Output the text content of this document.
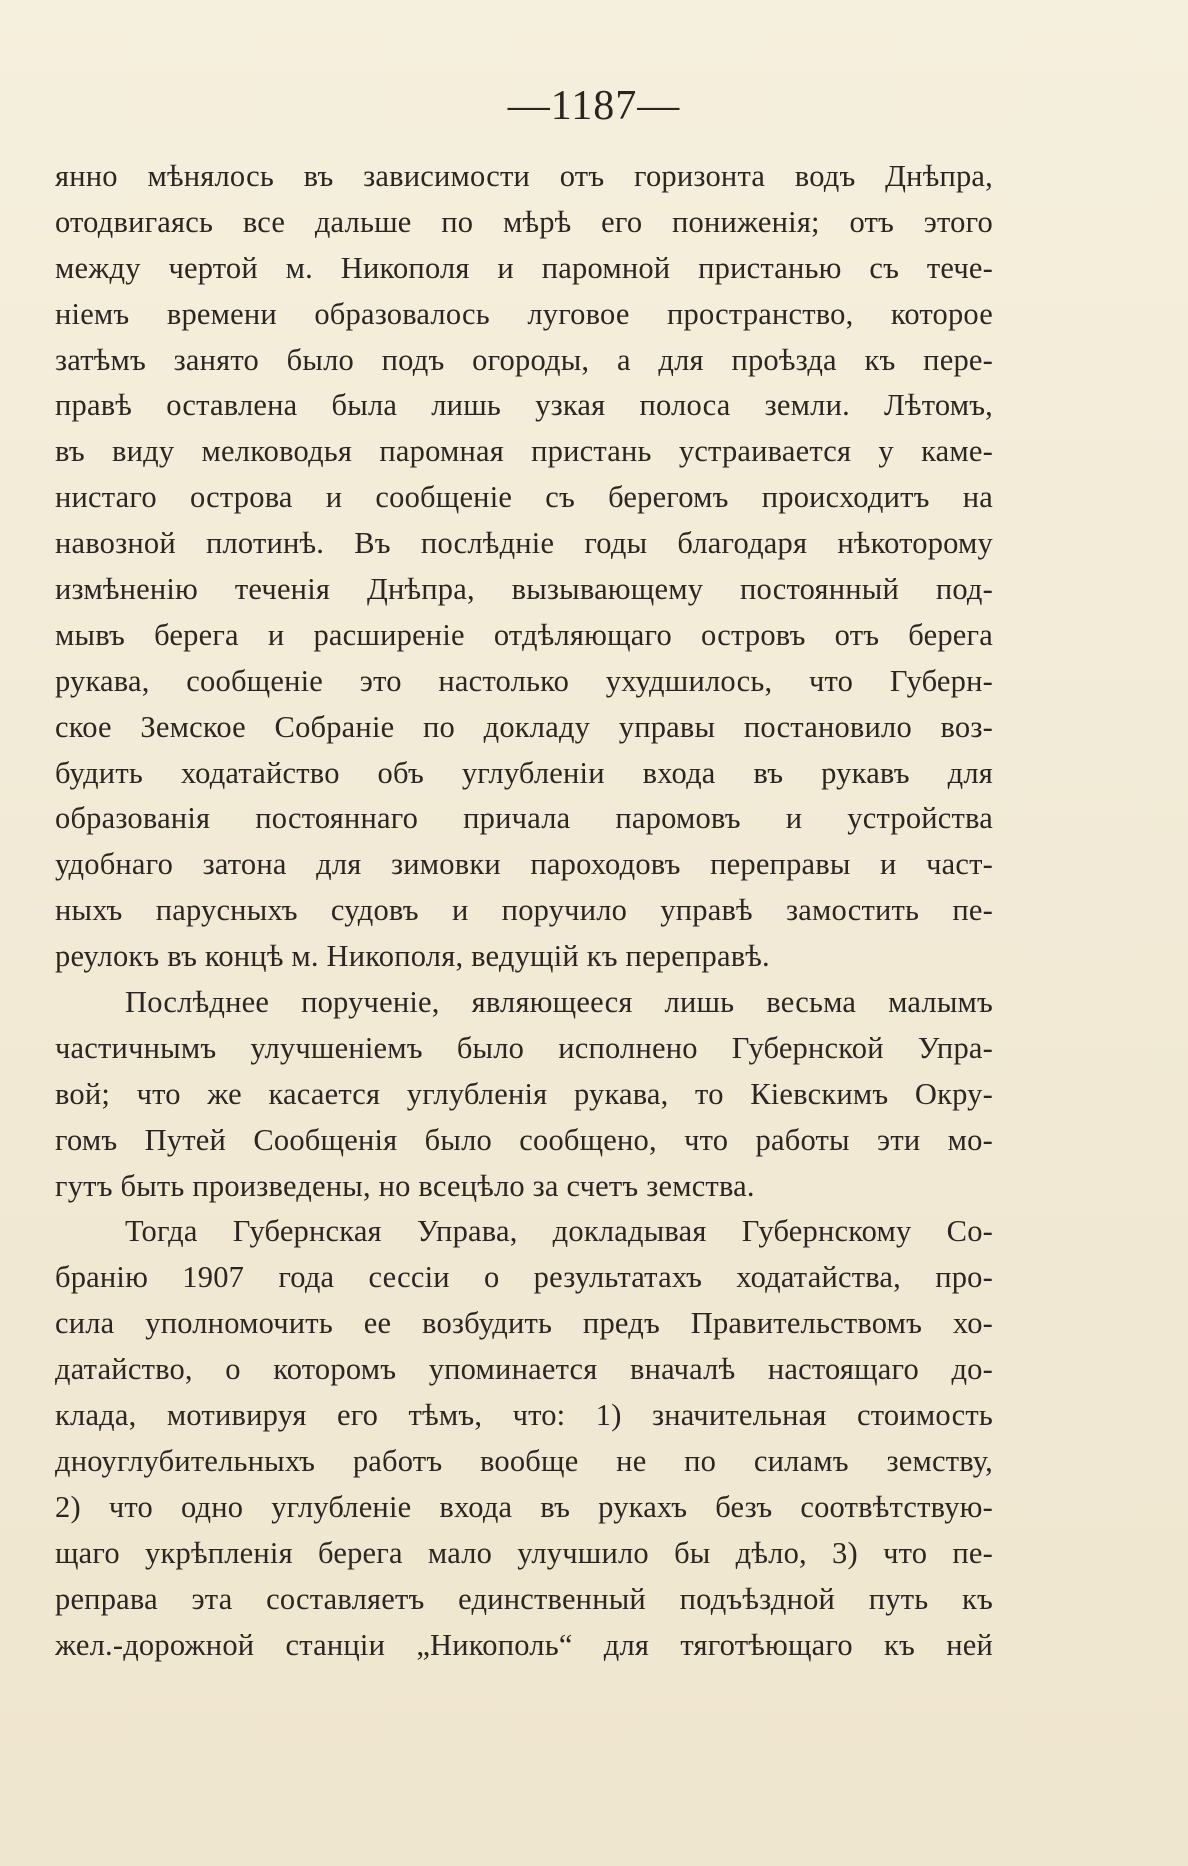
—1187—
янно мѣнялось въ зависимости отъ горизонта водъ Днѣпра,
отодвигаясь все дальше по мѣрѣ его пониженія; отъ этого
между чертой м. Никополя и паромной пристанью съ тече-
ніемъ времени образовалось луговое пространство, которое
затѣмъ занято было подъ огороды, а для проѣзда къ пере-
правѣ оставлена была лишь узкая полоса земли. Лѣтомъ,
въ виду мелководья паромная пристань устраивается у каме-
нистаго острова и сообщеніе съ берегомъ происходитъ на
навозной плотинѣ. Въ послѣдніе годы благодаря нѣкоторому
измѣненію теченія Днѣпра, вызывающему постоянный под-
мывъ берега и расширеніе отдѣляющаго островъ отъ берега
рукава, сообщеніе это настолько ухудшилось, что Губерн-
ское Земское Собраніе по докладу управы постановило воз-
будить ходатайство объ углубленіи входа въ рукавъ для
образованія постояннаго причала паромовъ и устройства
удобнаго затона для зимовки пароходовъ переправы и част-
ныхъ парусныхъ судовъ и поручило управѣ замостить пе-
реулокъ въ концѣ м. Никополя, ведущій къ переправѣ.
Послѣднее порученіе, являющееся лишь весьма малымъ
частичнымъ улучшеніемъ было исполнено Губернской Упра-
вой; что же касается углубленія рукава, то Кіевскимъ Окру-
гомъ Путей Сообщенія было сообщено, что работы эти мо-
гутъ быть произведены, но всецѣло за счетъ земства.
Тогда Губернская Управа, докладывая Губернскому Со-
бранію 1907 года сессіи о результатахъ ходатайства, про-
сила уполномочить ее возбудить предъ Правительствомъ хо-
датайство, о которомъ упоминается вначалѣ настоящаго до-
клада, мотивируя его тѣмъ, что: 1) значительная стоимость
дноуглубительныхъ работъ вообще не по силамъ земству,
2) что одно углубленіе входа въ рукахъ безъ соотвѣтствую-
щаго укрѣпленія берега мало улучшило бы дѣло, 3) что пе-
реправа эта составляетъ единственный подъѣздной путь къ
жел.-дорожной станціи „Никополь“ для тяготѣющаго къ ней
